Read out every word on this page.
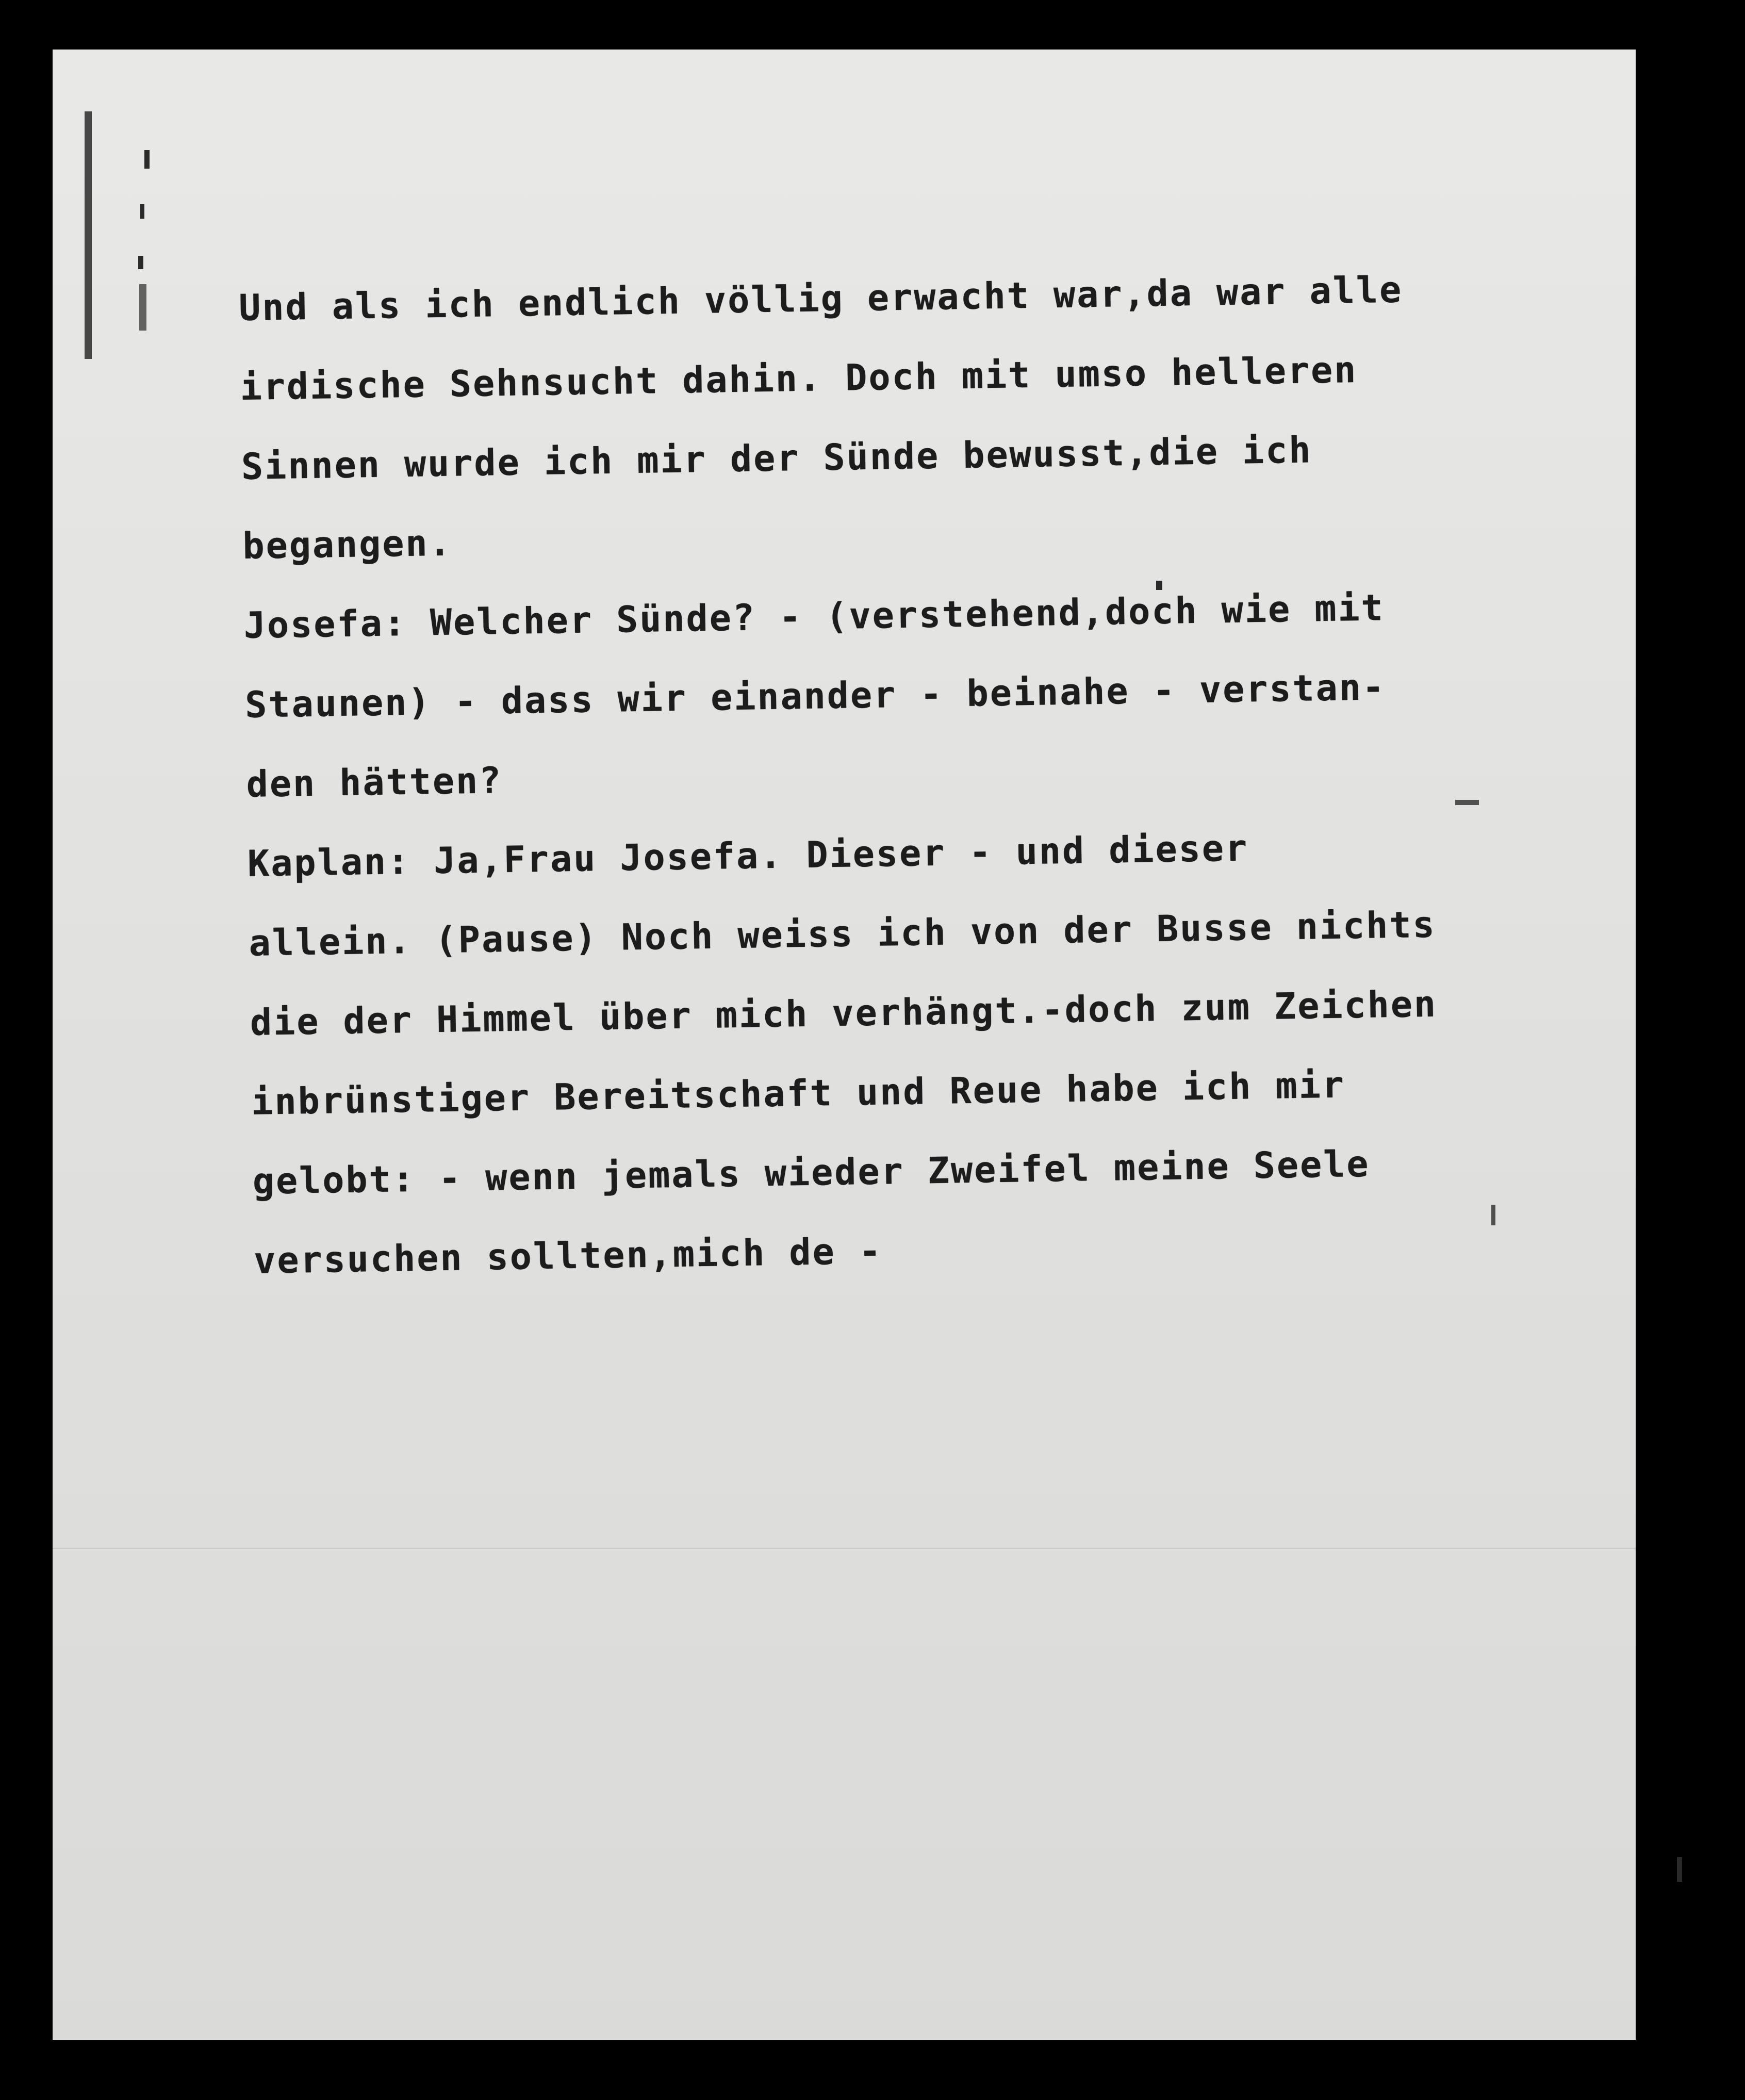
Und als ich endlich völlig erwacht war,da war alle
irdische Sehnsucht dahin. Doch mit umso helleren
Sinnen wurde ich mir der Sünde bewusst,die ich
begangen.
Josefa: Welcher Sünde? - (verstehend,doch wie mit
Staunen) - dass wir einander - beinahe - verstan-
den hätten?
Kaplan: Ja,Frau Josefa. Dieser - und dieser
allein. (Pause) Noch weiss ich von der Busse nichts
die der Himmel über mich verhängt.-doch zum Zeichen
inbrünstiger Bereitschaft und Reue habe ich mir
gelobt: - wenn jemals wieder Zweifel meine Seele
versuchen sollten,mich de -
